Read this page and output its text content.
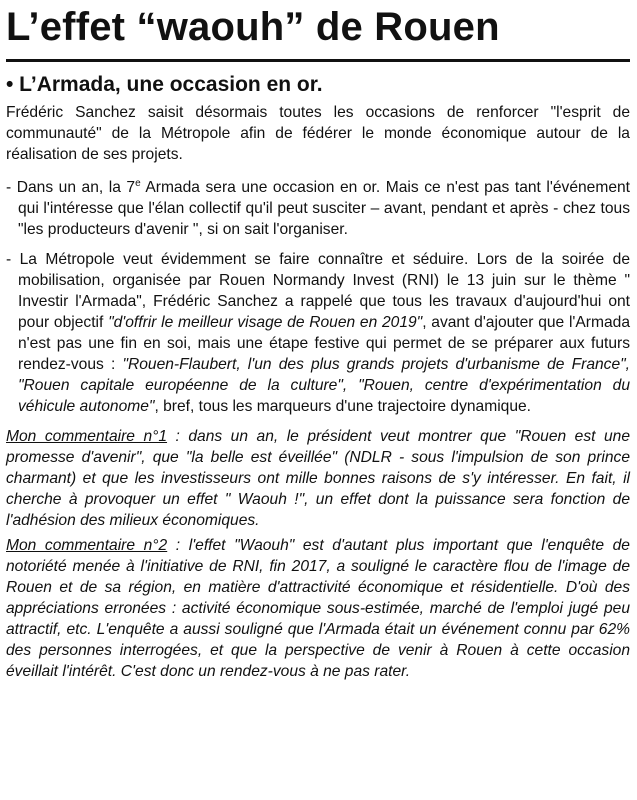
L’effet “waouh” de Rouen
• L’Armada, une occasion en or.

Frédéric Sanchez saisit désormais toutes les occasions de renforcer "l'esprit de communauté" de la Métropole afin de fédérer le monde économique autour de la réalisation de ses projets.

- Dans un an, la 7e Armada sera une occasion en or. Mais ce n'est pas tant l'événement qui l'intéresse que l'élan collectif qu'il peut susciter – avant, pendant et après - chez tous "les producteurs d'avenir ", si on sait l'organiser.

- La Métropole veut évidemment se faire connaître et séduire. Lors de la soirée de mobilisation, organisée par Rouen Normandy Invest (RNI) le 13 juin sur le thème " Investir l'Armada", Frédéric Sanchez a rappelé que tous les travaux d'aujourd'hui ont pour objectif "d'offrir le meilleur visage de Rouen en 2019", avant d'ajouter que l'Armada n'est pas une fin en soi, mais une étape festive qui permet de se préparer aux futurs rendez-vous : "Rouen-Flaubert, l'un des plus grands projets d'urbanisme de France", "Rouen capitale européenne de la culture", "Rouen, centre d'expérimentation du véhicule autonome", bref, tous les marqueurs d'une trajectoire dynamique.

Mon commentaire n°1 : dans un an, le président veut montrer que "Rouen est une promesse d'avenir", que "la belle est éveillée" (NDLR - sous l'impulsion de son prince charmant) et que les investisseurs ont mille bonnes raisons de s'y intéresser. En fait, il cherche à provoquer un effet " Waouh !", un effet dont la puissance sera fonction de l'adhésion des milieux économiques.

Mon commentaire n°2 : l'effet "Waouh" est d'autant plus important que l'enquête de notoriété menée à l'initiative de RNI, fin 2017, a souligné le caractère flou de l'image de Rouen et de sa région, en matière d'attractivité économique et résidentielle. D'où des appréciations erronées : activité économique sous-estimée, marché de l'emploi jugé peu attractif, etc. L'enquête a aussi souligné que l'Armada était un événement connu par 62% des personnes interrogées, et que la perspective de venir à Rouen à cette occasion éveillait l'intérêt. C'est donc un rendez-vous à ne pas rater.
